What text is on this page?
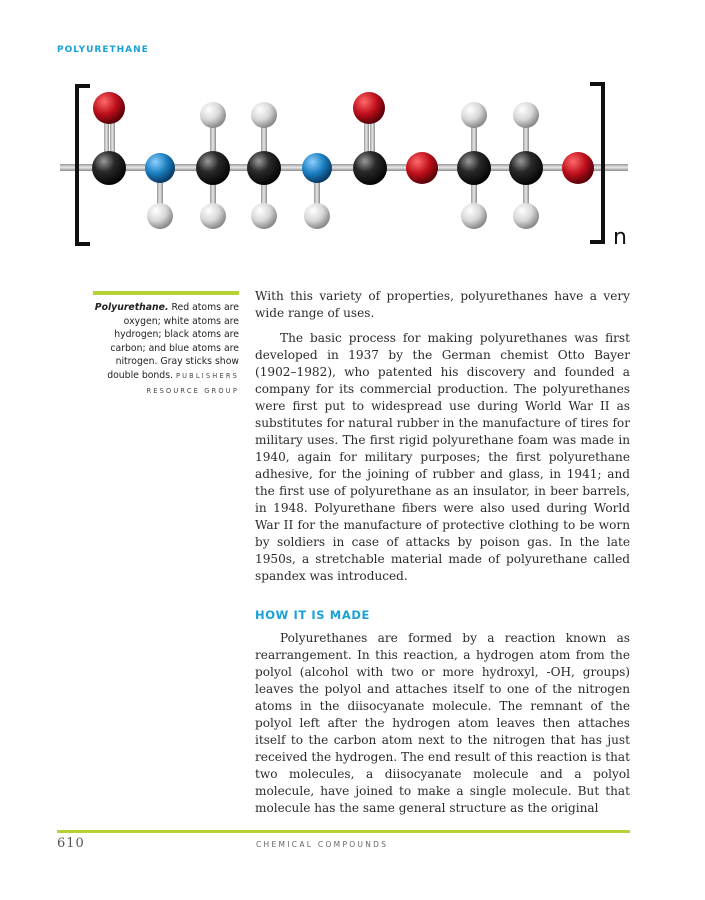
POLYURETHANE
n
Polyurethane. Red atoms are oxygen; white atoms are hydrogen; black atoms are carbon; and blue atoms are nitrogen. Gray sticks show double bonds. PUBLISHERS RESOURCE GROUP

With this variety of properties, polyurethanes have a very wide range of uses.

The basic process for making polyurethanes was first developed in 1937 by the German chemist Otto Bayer (1902–1982), who patented his discovery and founded a company for its commercial production. The polyurethanes were first put to widespread use during World War II as substitutes for natural rubber in the manufacture of tires for military uses. The first rigid polyurethane foam was made in 1940, again for military purposes; the first polyurethane adhesive, for the joining of rubber and glass, in 1941; and the first use of polyurethane as an insulator, in beer barrels, in 1948. Polyurethane fibers were also used during World War II for the manufacture of protective clothing to be worn by soldiers in case of attacks by poison gas. In the late 1950s, a stretchable material made of polyurethane called spandex was introduced.

HOW IT IS MADE

Polyurethanes are formed by a reaction known as rearrangement. In this reaction, a hydrogen atom from the polyol (alcohol with two or more hydroxyl, -OH, groups) leaves the polyol and attaches itself to one of the nitrogen atoms in the diisocyanate molecule. The remnant of the polyol left after the hydrogen atom leaves then attaches itself to the carbon atom next to the nitrogen that has just received the hydrogen. The end result of this reaction is that two molecules, a diisocyanate molecule and a polyol molecule, have joined to make a single molecule. But that molecule has the same general structure as the original

610	CHEMICAL COMPOUNDS
